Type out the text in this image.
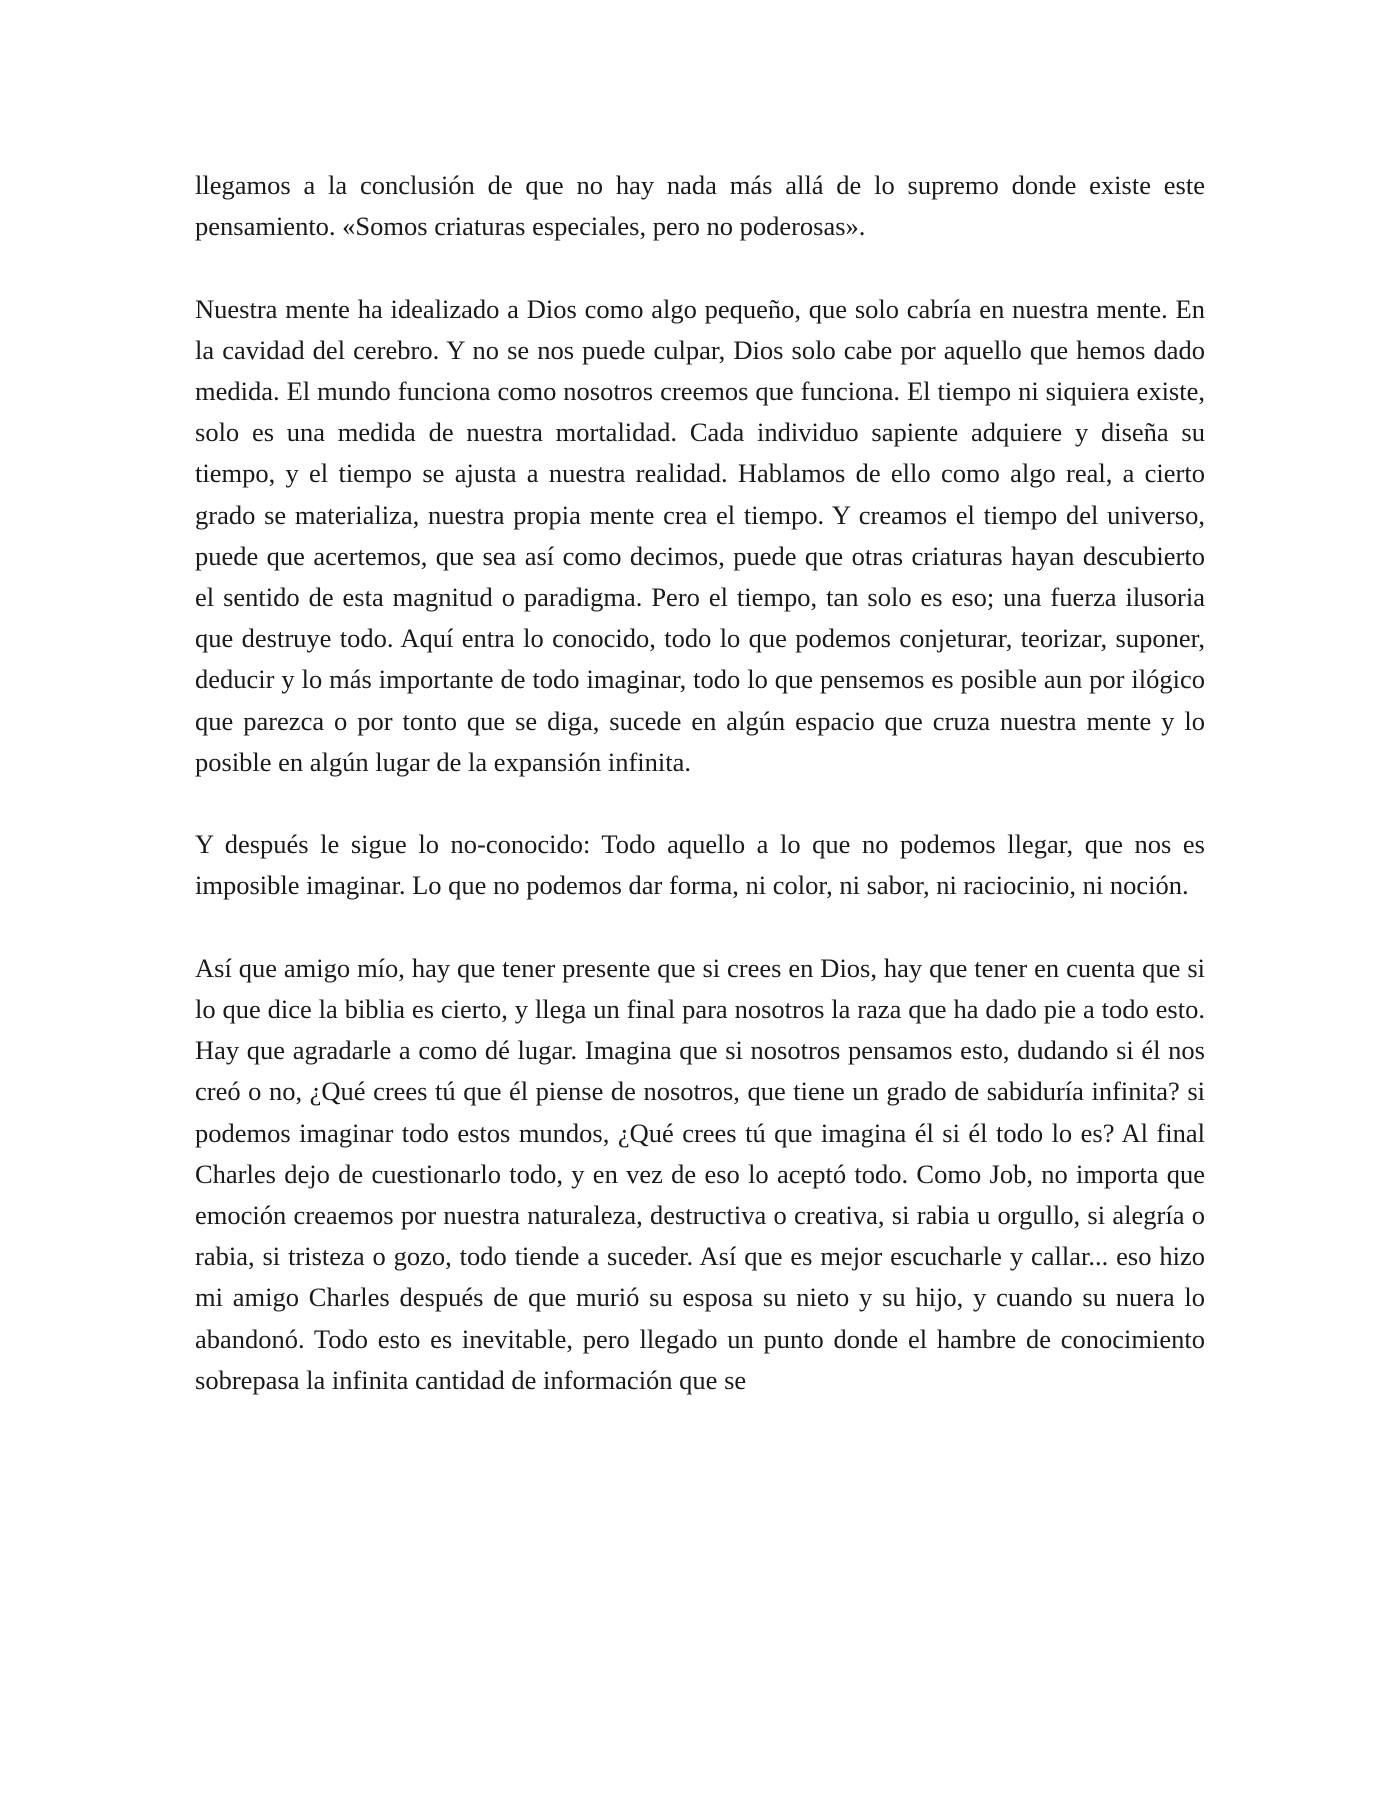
llegamos a la conclusión de que no hay nada más allá de lo supremo donde existe este pensamiento. «Somos criaturas especiales, pero no poderosas».

Nuestra mente ha idealizado a Dios como algo pequeño, que solo cabría en nuestra mente. En la cavidad del cerebro. Y no se nos puede culpar, Dios solo cabe por aquello que hemos dado medida. El mundo funciona como nosotros creemos que funciona. El tiempo ni siquiera existe, solo es una medida de nuestra mortalidad. Cada individuo sapiente adquiere y diseña su tiempo, y el tiempo se ajusta a nuestra realidad. Hablamos de ello como algo real, a cierto grado se materializa, nuestra propia mente crea el tiempo. Y creamos el tiempo del universo, puede que acertemos, que sea así como decimos, puede que otras criaturas hayan descubierto el sentido de esta magnitud o paradigma. Pero el tiempo, tan solo es eso; una fuerza ilusoria que destruye todo. Aquí entra lo conocido, todo lo que podemos conjeturar, teorizar, suponer, deducir y lo más importante de todo imaginar, todo lo que pensemos es posible aun por ilógico que parezca o por tonto que se diga, sucede en algún espacio que cruza nuestra mente y lo posible en algún lugar de la expansión infinita.

Y después le sigue lo no-conocido: Todo aquello a lo que no podemos llegar, que nos es imposible imaginar. Lo que no podemos dar forma, ni color, ni sabor, ni raciocinio, ni noción.

Así que amigo mío, hay que tener presente que si crees en Dios, hay que tener en cuenta que si lo que dice la biblia es cierto, y llega un final para nosotros la raza que ha dado pie a todo esto. Hay que agradarle a como dé lugar. Imagina que si nosotros pensamos esto, dudando si él nos creó o no, ¿Qué crees tú que él piense de nosotros, que tiene un grado de sabiduría infinita? si podemos imaginar todo estos mundos, ¿Qué crees tú que imagina él si él todo lo es? Al final Charles dejo de cuestionarlo todo, y en vez de eso lo aceptó todo. Como Job, no importa que emoción creaemos por nuestra naturaleza, destructiva o creativa, si rabia u orgullo, si alegría o rabia, si tristeza o gozo, todo tiende a suceder. Así que es mejor escucharle y callar... eso hizo mi amigo Charles después de que murió su esposa su nieto y su hijo, y cuando su nuera lo abandonó. Todo esto es inevitable, pero llegado un punto donde el hambre de conocimiento sobrepasa la infinita cantidad de información que se
